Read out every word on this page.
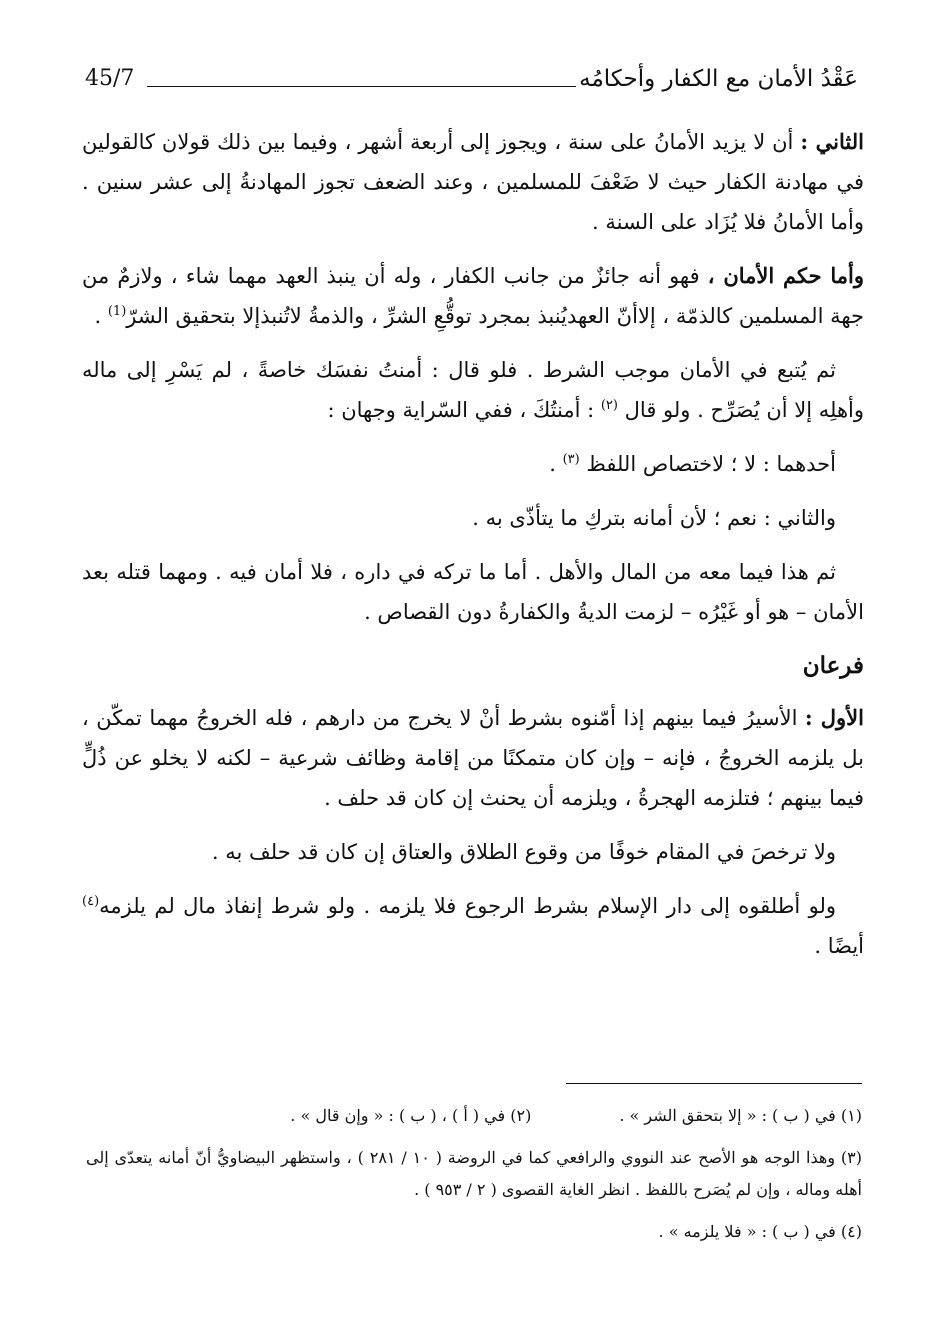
عَقْدُ الأمان مع الكفار وأحكامُه
45/7

الثاني : أن لا يزيد الأمانُ على سنة ، ويجوز إلى أربعة أشهر ، وفيما بين ذلك قولان كالقولين في مهادنة الكفار حيث لا ضَعْفَ للمسلمين ، وعند الضعف تجوز المهادنةُ إلى عشر سنين . وأما الأمانُ فلا يُزَاد على السنة .

وأما حكم الأمان ، فهو أنه جائزٌ من جانب الكفار ، وله أن ينبذ العهد مهما شاء ، ولازمٌ من جهة المسلمين كالذمّة ، إلاأنّ العهديُنبذ بمجرد توقُّعِ الشرِّ ، والذمةُ لاتُنبذإلا بتحقيق الشرّ$^{(1)}$ .

ثم يُتبع في الأمان موجب الشرط . فلو قال : أمنتُ نفسَك خاصةً ، لم يَسْرِ إلى ماله وأهلِه إلا أن يُصَرِّح . ولو قال $^{(٢)}$ : أمنتُكَ ، ففي السّراية وجهان :

أحدهما : لا ؛ لاختصاص اللفظ $^{(٣)}$ .

والثاني : نعم ؛ لأن أمانه بتركِ ما يتأذّى به .

ثم هذا فيما معه من المال والأهل . أما ما تركه في داره ، فلا أمان فيه . ومهما قتله بعد الأمان – هو أو غَيْرُه – لزمت الديةُ والكفارةُ دون القصاص .

فرعان

الأول : الأسيرُ فيما بينهم إذا أمّنوه بشرط أنْ لا يخرج من دارهم ، فله الخروجُ مهما تمكّن ، بل يلزمه الخروجُ ، فإنه – وإن كان متمكنًا من إقامة وظائف شرعية – لكنه لا يخلو عن ذُلٍّ فيما بينهم ؛ فتلزمه الهجرةُ ، ويلزمه أن يحنث إن كان قد حلف .

ولا ترخصَ في المقام خوفًا من وقوع الطلاق والعتاق إن كان قد حلف به .

ولو أطلقوه إلى دار الإسلام بشرط الرجوع فلا يلزمه . ولو شرط إنفاذ مال لم يلزمه$^{(٤)}$ أيضًا .

(١) في ( ب ) : « إلا بتحقق الشر » .
(٢) في ( أ ) ، ( ب ) : « وإن قال » .

(٣) وهذا الوجه هو الأصح عند النووي والرافعي كما في الروضة ( ١٠ / ٢٨١ ) ، واستظهر البيضاويُّ أنّ أمانه يتعدّى إلى أهله وماله ، وإن لم يُصَرح باللفظ . انظر الغاية القصوى ( ٢ / ٩٥٣ ) .

(٤) في ( ب ) : « فلا يلزمه » .
